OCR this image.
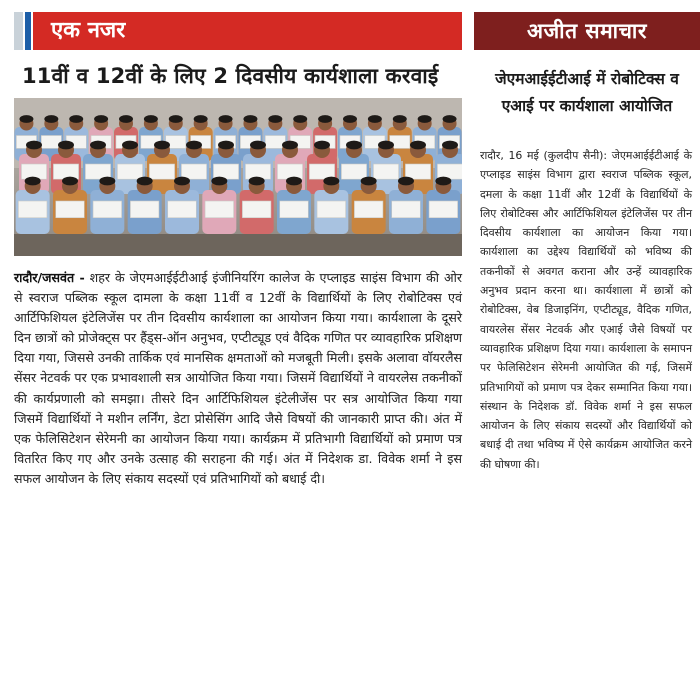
एक नजर
11वीं व 12वीं के लिए 2 दिवसीय कार्यशाला करवाई
रादौर/जसवंत - शहर के जेएमआईईटीआई इंजीनियरिंग कालेज के एप्लाइड साइंस विभाग की ओर से स्वराज पब्लिक स्कूल दामला के कक्षा 11वीं व 12वीं के विद्यार्थियों के लिए रोबोटिक्स एवं आर्टिफिशियल इंटेलिजेंस पर तीन दिवसीय कार्यशाला का आयोजन किया गया। कार्यशाला के दूसरे दिन छात्रों को प्रोजेक्ट्स पर हैंड्स-ऑन अनुभव, एप्टीट्यूड एवं वैदिक गणित पर व्यावहारिक प्रशिक्षण दिया गया, जिससे उनकी तार्किक एवं मानसिक क्षमताओं को मजबूती मिली। इसके अलावा वॉयरलैस सेंसर नेटवर्क पर एक प्रभावशाली सत्र आयोजित किया गया। जिसमें विद्यार्थियों ने वायरलेस तकनीकों की कार्यप्रणाली को समझा। तीसरे दिन आर्टिफिशियल इंटेलीजेंस पर सत्र आयोजित किया गया जिसमें विद्यार्थियों ने मशीन लर्निंग, डेटा प्रोसेसिंग आदि जैसे विषयों की जानकारी प्राप्त की। अंत में एक फेलिसिटेशन सेरेमनी का आयोजन किया गया। कार्यक्रम में प्रतिभागी विद्यार्थियों को प्रमाण पत्र वितरित किए गए और उनके उत्साह की सराहना की गई। अंत में निदेशक डा. विवेक शर्मा ने इस सफल आयोजन के लिए संकाय सदस्यों एवं प्रतिभागियों को बधाई दी।
अजीत समाचार
जेएमआईईटीआई में रोबोटिक्स व एआई पर कार्यशाला आयोजित
रादौर, 16 मई (कुलदीप सैनी): जेएमआईईटीआई के एप्लाइड साइंस विभाग द्वारा स्वराज पब्लिक स्कूल, दमला के कक्षा 11वीं और 12वीं के विद्यार्थियों के लिए रोबोटिक्स और आर्टिफिशियल इंटेलिजेंस पर तीन दिवसीय कार्यशाला का आयोजन किया गया। कार्यशाला का उद्देश्य विद्यार्थियों को भविष्य की तकनीकों से अवगत कराना और उन्हें व्यावहारिक अनुभव प्रदान करना था। कार्यशाला में छात्रों को रोबोटिक्स, वेब डिजाइनिंग, एप्टीट्यूड, वैदिक गणित, वायरलेस सेंसर नेटवर्क और एआई जैसे विषयों पर व्यावहारिक प्रशिक्षण दिया गया। कार्यशाला के समापन पर फेलिसिटेशन सेरेमनी आयोजित की गई, जिसमें प्रतिभागियों को प्रमाण पत्र देकर सम्मानित किया गया। संस्थान के निदेशक डॉ. विवेक शर्मा ने इस सफल आयोजन के लिए संकाय सदस्यों और विद्यार्थियों को बधाई दी तथा भविष्य में ऐसे कार्यक्रम आयोजित करने की घोषणा की।
